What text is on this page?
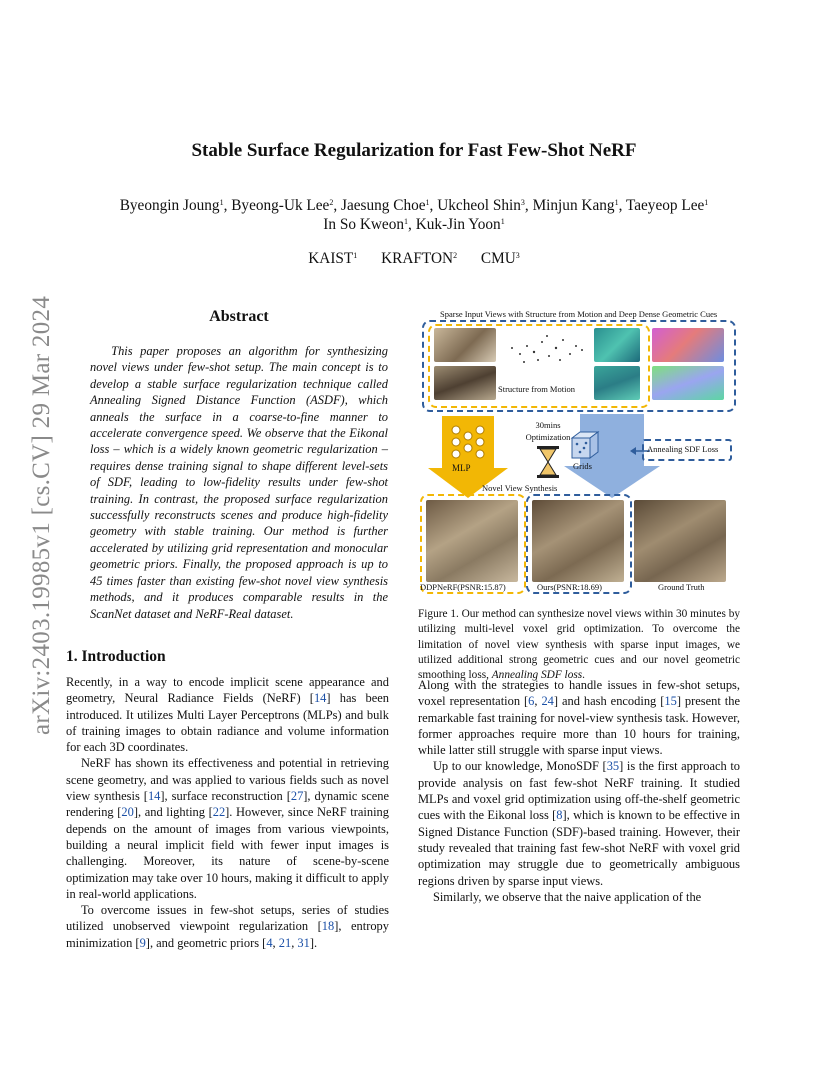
arXiv:2403.19985v1 [cs.CV] 29 Mar 2024
Stable Surface Regularization for Fast Few-Shot NeRF
Byeongin Joung$^1$, Byeong-Uk Lee$^2$, Jaesung Choe$^1$, Ukcheol Shin$^3$, Minjun Kang$^1$, Taeyeop Lee$^1$
In So Kweon$^1$, Kuk-Jin Yoon$^1$
KAIST$^1$ KRAFTON$^2$ CMU$^3$
Abstract
This paper proposes an algorithm for synthesizing novel views under few-shot setup. The main concept is to develop a stable surface regularization technique called Annealing Signed Distance Function (ASDF), which anneals the surface in a coarse-to-fine manner to accelerate convergence speed. We observe that the Eikonal loss – which is a widely known geometric regularization – requires dense training signal to shape different level-sets of SDF, leading to low-fidelity results under few-shot training. In contrast, the proposed surface regularization successfully reconstructs scenes and produce high-fidelity geometry with stable training. Our method is further accelerated by utilizing grid representation and monocular geometric priors. Finally, the proposed approach is up to 45 times faster than existing few-shot novel view synthesis methods, and it produces comparable results in the ScanNet dataset and NeRF-Real dataset.
1. Introduction

Recently, in a way to encode implicit scene appearance and geometry, Neural Radiance Fields (NeRF) [14] has been introduced. It utilizes Multi Layer Perceptrons (MLPs) and bulk of training images to obtain radiance and volume information for each 3D coordinates.

NeRF has shown its effectiveness and potential in retrieving scene geometry, and was applied to various fields such as novel view synthesis [14], surface reconstruction [27], dynamic scene rendering [20], and lighting [22]. However, since NeRF training depends on the amount of images from various viewpoints, building a neural implicit field with fewer input images is challenging. Moreover, its nature of scene-by-scene optimization may take over 10 hours, making it difficult to apply in real-world applications.

To overcome issues in few-shot setups, series of studies utilized unobserved viewpoint regularization [18], entropy minimization [9], and geometric priors [4, 21, 31].

Sparse Input Views with Structure from Motion and Deep Dense Geometric Cues
Structure from Motion
MLP
30mins
Optimization
Grids
Annealing SDF Loss
Novel View Synthesis
DDPNeRF(PSNR:15.87)	Ours(PSNR:18.69)	Ground Truth
Figure 1. Our method can synthesize novel views within 30 minutes by utilizing multi-level voxel grid optimization. To overcome the limitation of novel view synthesis with sparse input images, we utilized additional strong geometric cues and our novel geometric smoothing loss, Annealing SDF loss.

Along with the strategies to handle issues in few-shot setups, voxel representation [6, 24] and hash encoding [15] present the remarkable fast training for novel-view synthesis task. However, former approaches require more than 10 hours for training, while latter still struggle with sparse input views.

Up to our knowledge, MonoSDF [35] is the first approach to provide analysis on fast few-shot NeRF training. It studied MLPs and voxel grid optimization using off-the-shelf geometric cues with the Eikonal loss [8], which is known to be effective in Signed Distance Function (SDF)-based training. However, their study revealed that training fast few-shot NeRF with voxel grid optimization may struggle due to geometrically ambiguous regions driven by sparse input views.

Similarly, we observe that the naive application of the
